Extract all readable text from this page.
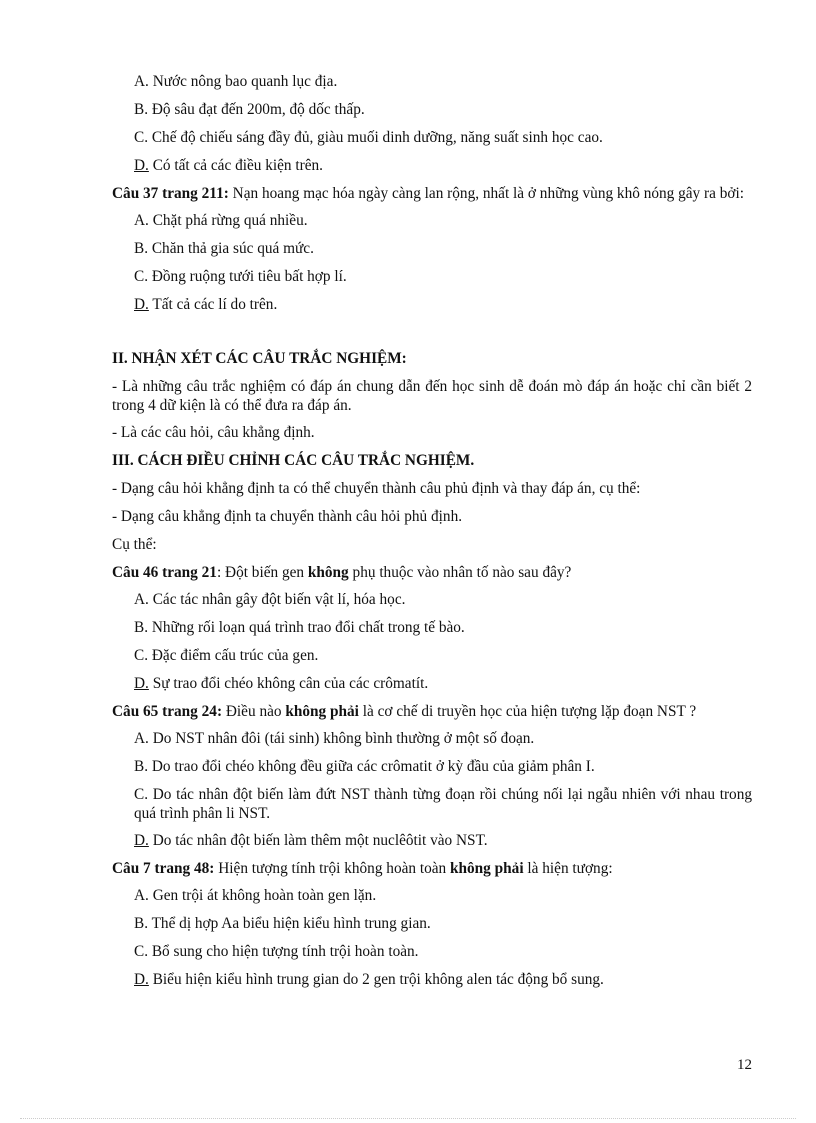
A. Nước nông bao quanh lục địa.
B. Độ sâu đạt đến 200m, độ dốc thấp.
C. Chế độ chiếu sáng đầy đủ, giàu muối dinh dưỡng, năng suất sinh học cao.
D. Có tất cả các điều kiện trên.
Câu 37 trang 211: Nạn hoang mạc hóa ngày càng lan rộng, nhất là ở những vùng khô nóng gây ra bởi:
A. Chặt phá rừng quá nhiều.
B. Chăn thả gia súc quá mức.
C. Đồng ruộng tưới tiêu bất hợp lí.
D. Tất cả các lí do trên.
II. NHẬN XÉT CÁC CÂU TRẮC NGHIỆM:
- Là những câu trắc nghiệm có đáp án chung dẫn đến học sinh dễ đoán mò đáp án hoặc chỉ cần biết 2 trong 4 dữ kiện là có thể đưa ra đáp án.
- Là các câu hỏi, câu khẳng định.
III. CÁCH ĐIỀU CHỈNH CÁC CÂU TRẮC NGHIỆM.
- Dạng câu hỏi khẳng định ta có thể chuyển thành câu phủ định và thay đáp án, cụ thể:
- Dạng câu khẳng định ta chuyển thành câu hỏi phủ định.
Cụ thể:
Câu 46 trang 21: Đột biến gen không phụ thuộc vào nhân tố nào sau đây?
A. Các tác nhân gây đột biến vật lí, hóa học.
B. Những rối loạn quá trình trao đổi chất trong tế bào.
C. Đặc điểm cấu trúc của gen.
D. Sự trao đổi chéo không cân của các crômatít.
Câu 65 trang 24: Điều nào không phải là cơ chế di truyền học của hiện tượng lặp đoạn NST ?
A. Do NST nhân đôi (tái sinh) không bình thường ở một số đoạn.
B. Do trao đổi chéo không đều giữa các crômatit ở kỳ đầu của giảm phân I.
C. Do tác nhân đột biến làm đứt NST thành từng đoạn rồi chúng nối lại ngẫu nhiên với nhau trong quá trình phân li NST.
D. Do tác nhân đột biến làm thêm một nuclêôtit vào NST.
Câu 7 trang 48: Hiện tượng tính trội không hoàn toàn không phải là hiện tượng:
A. Gen trội át không hoàn toàn gen lặn.
B. Thể dị hợp Aa biểu hiện kiểu hình trung gian.
C. Bổ sung cho hiện tượng tính trội hoàn toàn.
D. Biểu hiện kiểu hình trung gian do 2 gen trội không alen tác động bổ sung.
12
